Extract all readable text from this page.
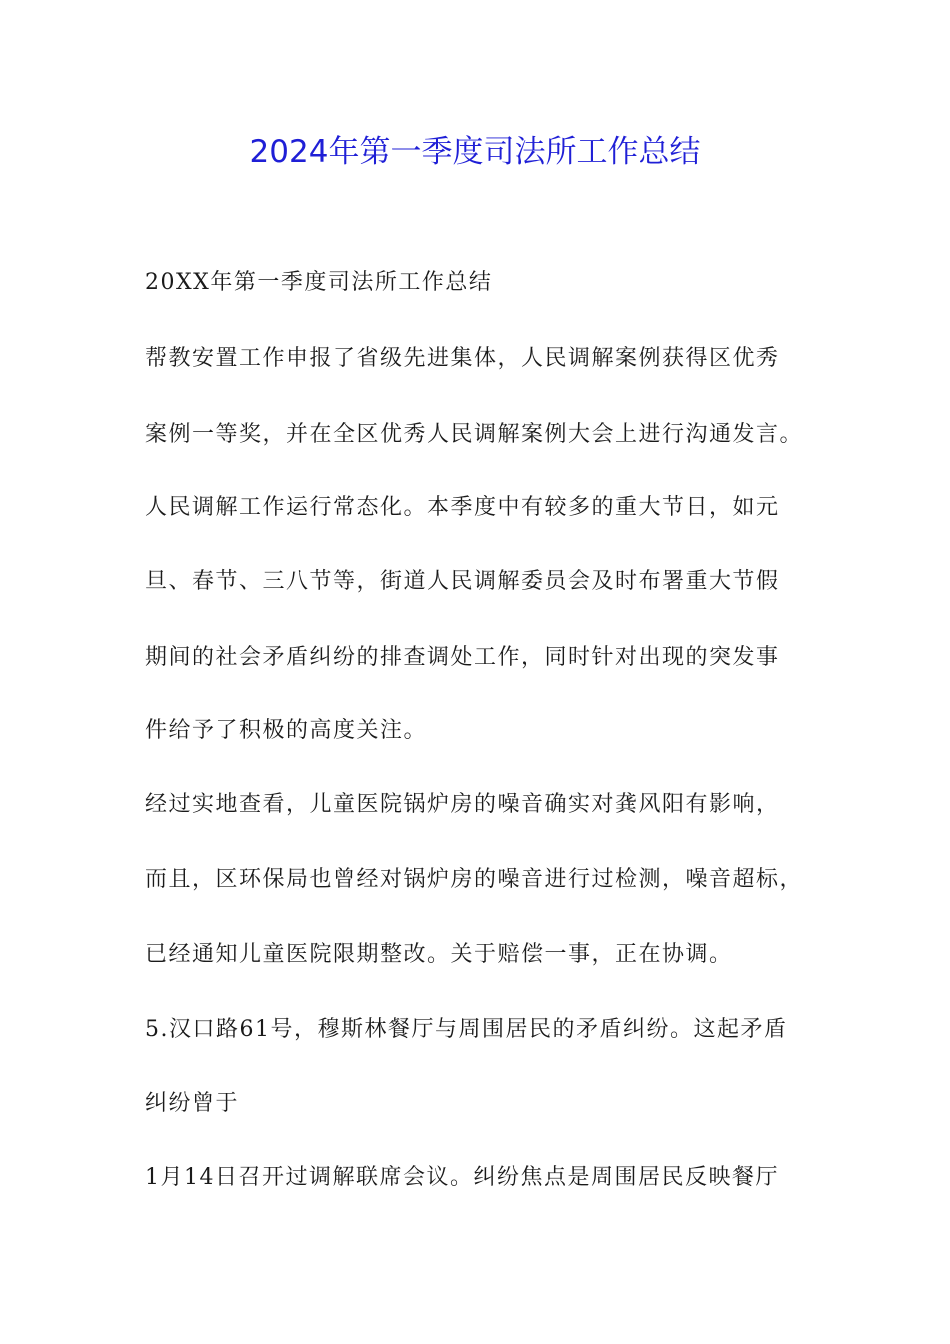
2024年第一季度司法所工作总结

20XX年第一季度司法所工作总结

帮教安置工作申报了省级先进集体，人民调解案例获得区优秀

案例一等奖，并在全区优秀人民调解案例大会上进行沟通发言。

人民调解工作运行常态化。本季度中有较多的重大节日，如元

旦、春节、三八节等，街道人民调解委员会及时布署重大节假

期间的社会矛盾纠纷的排查调处工作，同时针对出现的突发事

件给予了积极的高度关注。

经过实地查看，儿童医院锅炉房的噪音确实对龚风阳有影响，

而且，区环保局也曾经对锅炉房的噪音进行过检测，噪音超标，

已经通知儿童医院限期整改。关于赔偿一事，正在协调。

5.汉口路61号，穆斯林餐厅与周围居民的矛盾纠纷。这起矛盾

纠纷曾于

1月14日召开过调解联席会议。纠纷焦点是周围居民反映餐厅
